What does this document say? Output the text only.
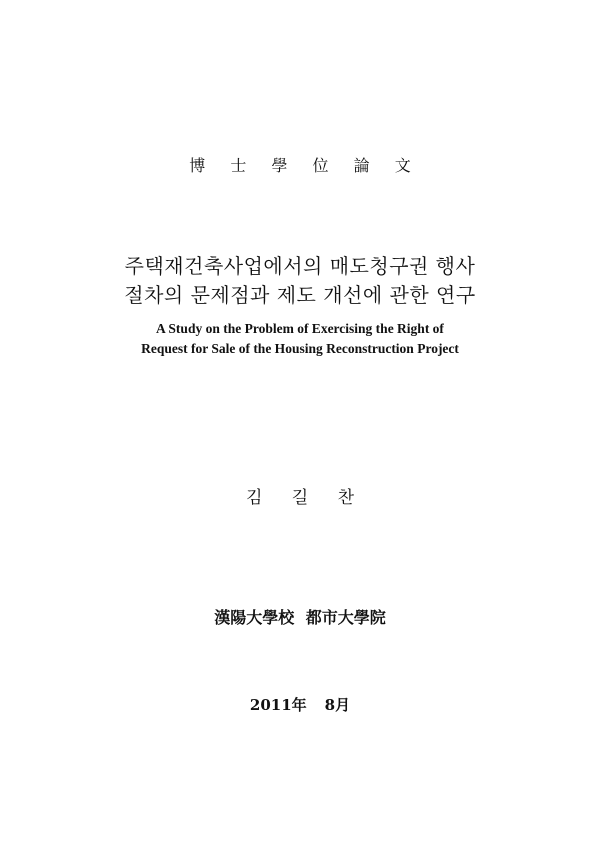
博 士 學 位 論 文
주택재건축사업에서의 매도청구권 행사
절차의 문제점과 제도 개선에 관한 연구
A Study on the Problem of Exercising the Right of
Request for Sale of the Housing Reconstruction Project
김 길 찬
漢陽大學校 都市大學院
2011年 8月
